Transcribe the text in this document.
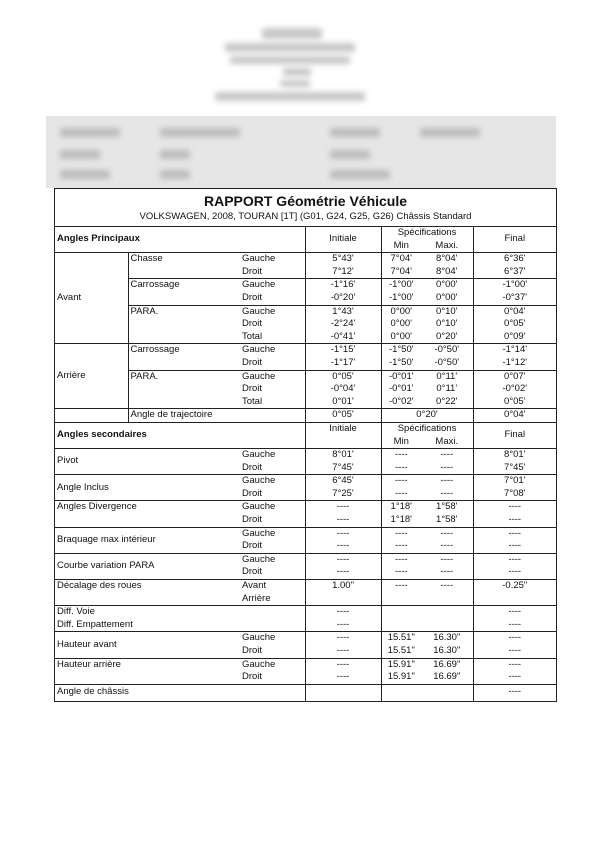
RAPPORT Géométrie Véhicule
VOLKSWAGEN, 2008, TOURAN [1T] (G01, G24, G25, G26) Châssis Standard
Angles Principaux			Initiale	Spécifications		Final
				Min	Maxi.	
Avant	Chasse	Gauche	5°43'	7°04'	8°04'	6°36'
		Droit	7°12'	7°04'	8°04'	6°37'
	Carrossage	Gauche	-1°16'	-1°00'	0°00'	-1°00'
		Droit	-0°20'	-1°00'	0°00'	-0°37'
	PARA.	Gauche	1°43'	0°00'	0°10'	0°04'
		Droit	-2°24'	0°00'	0°10'	0°05'
		Total	-0°41'	0°00'	0°20'	0°09'
Arrière	Carrossage	Gauche	-1°15'	-1°50'	-0°50'	-1°14'
		Droit	-1°17'	-1°50'	-0°50'	-1°12'
	PARA.	Gauche	0°05'	-0°01'	0°11'	0°07'
		Droit	-0°04'	-0°01'	0°11'	-0°02'
		Total	0°01'	-0°02'	0°22'	0°05'
	Angle de trajectoire		0°05'	0°20'		0°04'
Angles secondaires			Initiale	Spécifications		Final
				Min	Maxi.	
Pivot		Gauche	8°01'	----	----	8°01'
		Droit	7°45'	----	----	7°45'
Angle Inclus		Gauche	6°45'	----	----	7°01'
		Droit	7°25'	----	----	7°08'
Angles Divergence		Gauche	----	1°18'	1°58'	----
		Droit	----	1°18'	1°58'	----
Braquage max intérieur		Gauche	----	----	----	----
		Droit	----	----	----	----
Courbe variation PARA		Gauche	----	----	----	----
		Droit	----	----	----	----
Décalage des roues		Avant	1.00"	----	----	-0.25"
		Arrière				
Diff. Voie			----			----
Diff. Empattement			----			----
Hauteur avant		Gauche	----	15.51"	16.30"	----
		Droit	----	15.51"	16.30"	----
Hauteur arrière		Gauche	----	15.91"	16.69"	----
		Droit	----	15.91"	16.69"	----
Angle de châssis						----
